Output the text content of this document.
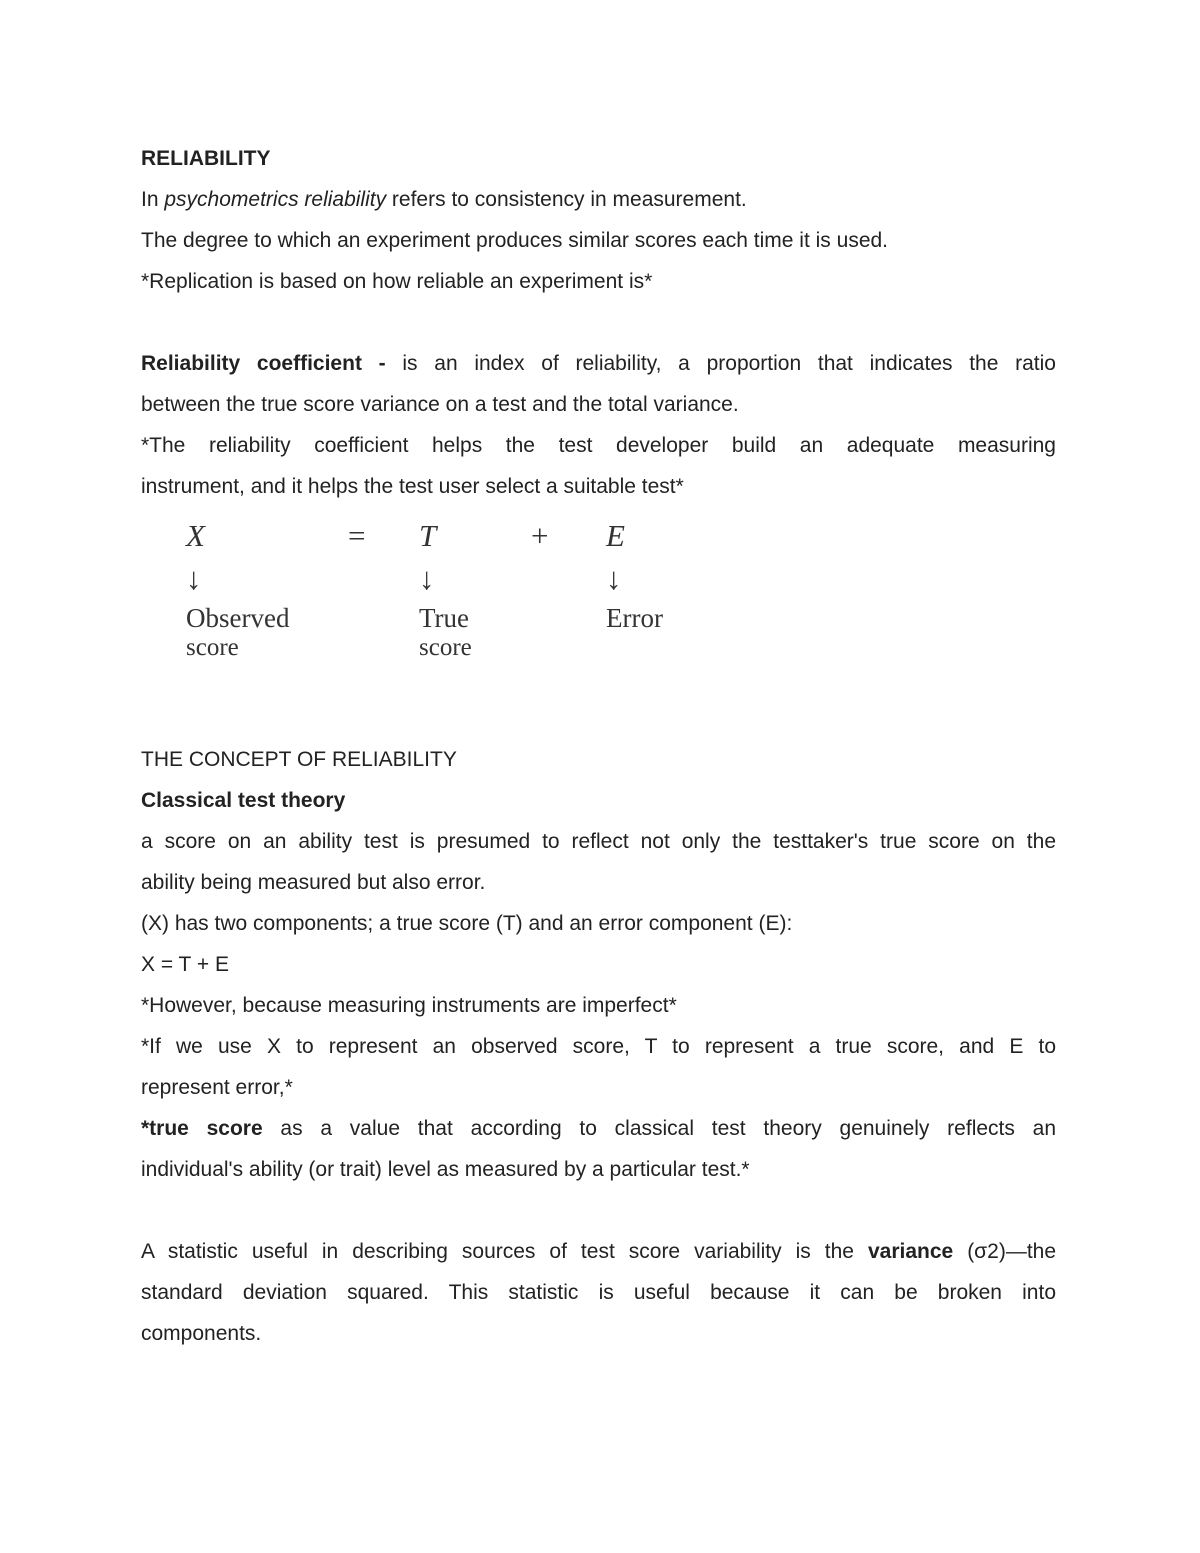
RELIABILITY
In psychometrics reliability refers to consistency in measurement.
The degree to which an experiment produces similar scores each time it is used.
*Replication is based on how reliable an experiment is*
Reliability coefficient - is an index of reliability, a proportion that indicates the ratio
between the true score variance on a test and the total variance.
*The reliability coefficient helps the test developer build an adequate measuring
instrument, and it helps the test user select a suitable test*
X
↓
Observed
score
= T
↓
True
score
+ E
↓
Error
THE CONCEPT OF RELIABILITY
Classical test theory
a score on an ability test is presumed to reflect not only the testtaker's true score on the
ability being measured but also error.
(X) has two components; a true score (T) and an error component (E):
X = T + E
*However, because measuring instruments are imperfect*
*If we use X to represent an observed score, T to represent a true score, and E to
represent error,*
*true score as a value that according to classical test theory genuinely reflects an
individual's ability (or trait) level as measured by a particular test.*
A statistic useful in describing sources of test score variability is the variance (σ2)—the
standard deviation squared. This statistic is useful because it can be broken into
components.
